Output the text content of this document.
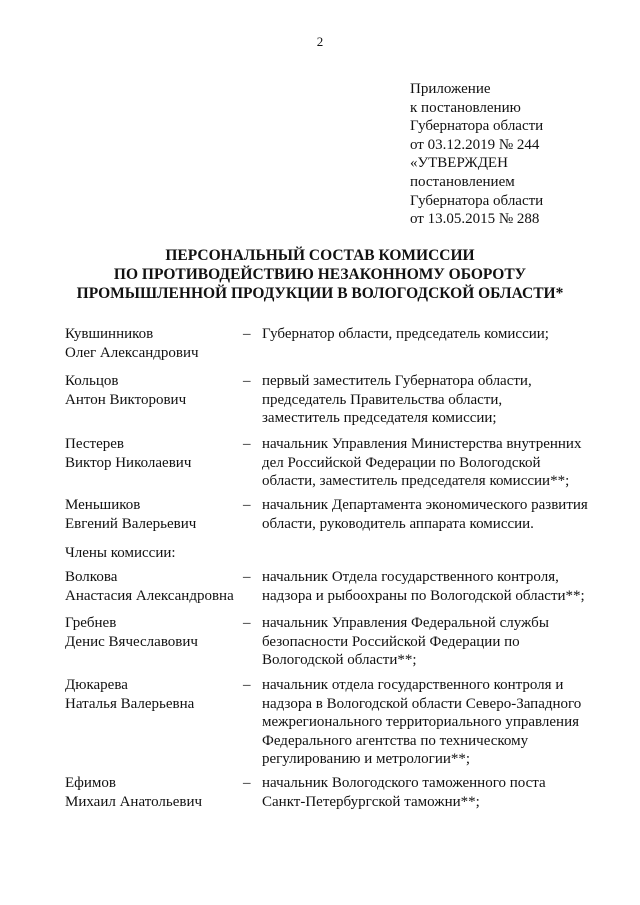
2
Приложение
к постановлению
Губернатора области
от 03.12.2019 № 244
«УТВЕРЖДЕН
постановлением
Губернатора области
от 13.05.2015 № 288
ПЕРСОНАЛЬНЫЙ СОСТАВ КОМИССИИ
ПО ПРОТИВОДЕЙСТВИЮ НЕЗАКОННОМУ ОБОРОТУ
ПРОМЫШЛЕННОЙ ПРОДУКЦИИ В ВОЛОГОДСКОЙ ОБЛАСТИ*
Кувшинников
Олег Александрович
– Губернатор области, председатель комиссии;
Кольцов
Антон Викторович
– первый заместитель Губернатора области,
председатель Правительства области,
заместитель председателя комиссии;
Пестерев
Виктор Николаевич
– начальник Управления Министерства внутренних
дел Российской Федерации по Вологодской
области, заместитель председателя комиссии**;
Меньшиков
Евгений Валерьевич
– начальник Департамента экономического развития
области, руководитель аппарата комиссии.
Члены комиссии:
Волкова
Анастасия Александровна
– начальник Отдела государственного контроля,
надзора и рыбоохраны по Вологодской области**;
Гребнев
Денис Вячеславович
– начальник Управления Федеральной службы
безопасности Российской Федерации по
Вологодской области**;
Дюкарева
Наталья Валерьевна
– начальник отдела государственного контроля и
надзора в Вологодской области Северо-Западного
межрегионального территориального управления
Федерального агентства по техническому
регулированию и метрологии**;
Ефимов
Михаил Анатольевич
– начальник Вологодского таможенного поста
Санкт-Петербургской таможни**;
